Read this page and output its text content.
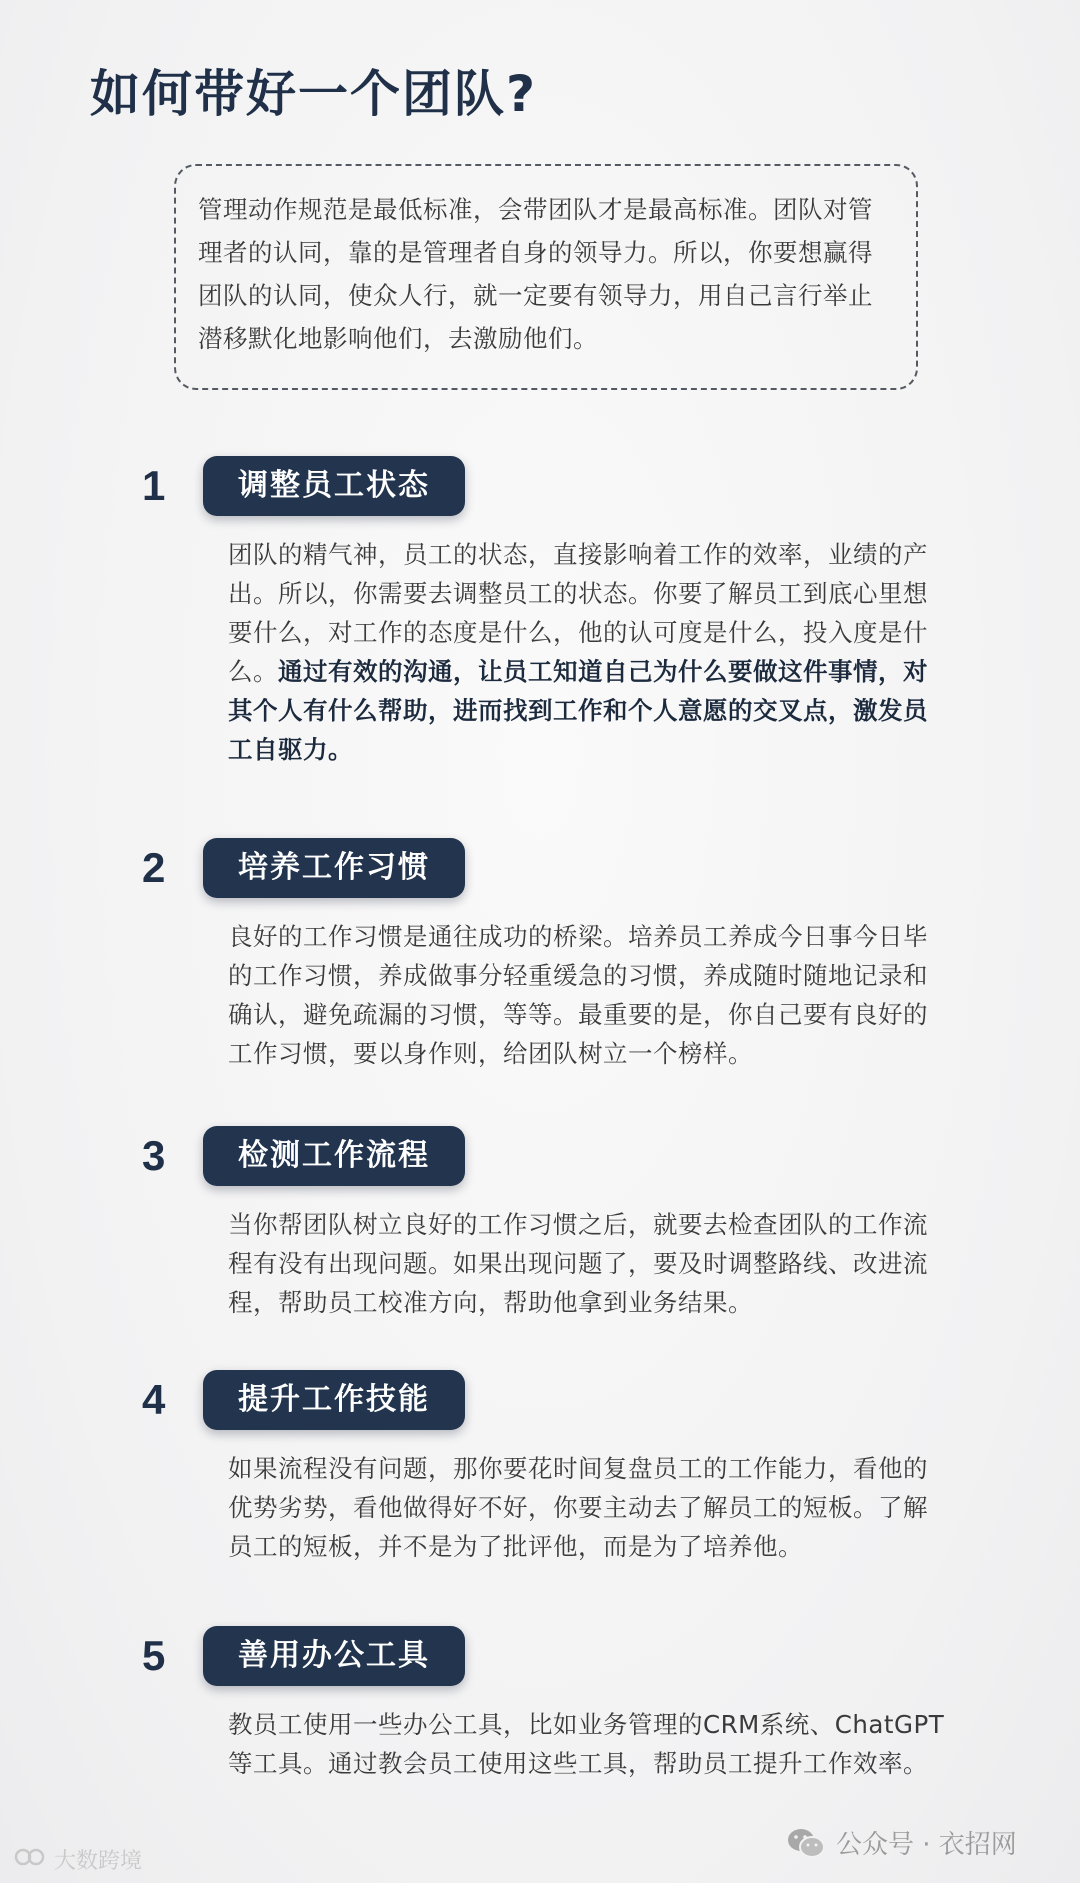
如何带好一个团队?
管理动作规范是最低标准，会带团队才是最高标准。团队对管理者的认同，靠的是管理者自身的领导力。所以，你要想赢得团队的认同，使众人行，就一定要有领导力，用自己言行举止潜移默化地影响他们，去激励他们。
1	调整员工状态

团队的精气神，员工的状态，直接影响着工作的效率，业绩的产出。所以，你需要去调整员工的状态。你要了解员工到底心里想要什么，对工作的态度是什么，他的认可度是什么，投入度是什么。通过有效的沟通，让员工知道自己为什么要做这件事情，对其个人有什么帮助，进而找到工作和个人意愿的交叉点，激发员工自驱力。

2	培养工作习惯

良好的工作习惯是通往成功的桥梁。培养员工养成今日事今日毕的工作习惯，养成做事分轻重缓急的习惯，养成随时随地记录和确认，避免疏漏的习惯，等等。最重要的是，你自己要有良好的工作习惯，要以身作则，给团队树立一个榜样。

3	检测工作流程

当你帮团队树立良好的工作习惯之后，就要去检查团队的工作流程有没有出现问题。如果出现问题了，要及时调整路线、改进流程，帮助员工校准方向，帮助他拿到业务结果。

4	提升工作技能

如果流程没有问题，那你要花时间复盘员工的工作能力，看他的优势劣势，看他做得好不好，你要主动去了解员工的短板。了解员工的短板，并不是为了批评他，而是为了培养他。

5	善用办公工具

教员工使用一些办公工具，比如业务管理的CRM系统、ChatGPT等工具。通过教会员工使用这些工具，帮助员工提升工作效率。

大数跨境
公众号 · 衣招网
